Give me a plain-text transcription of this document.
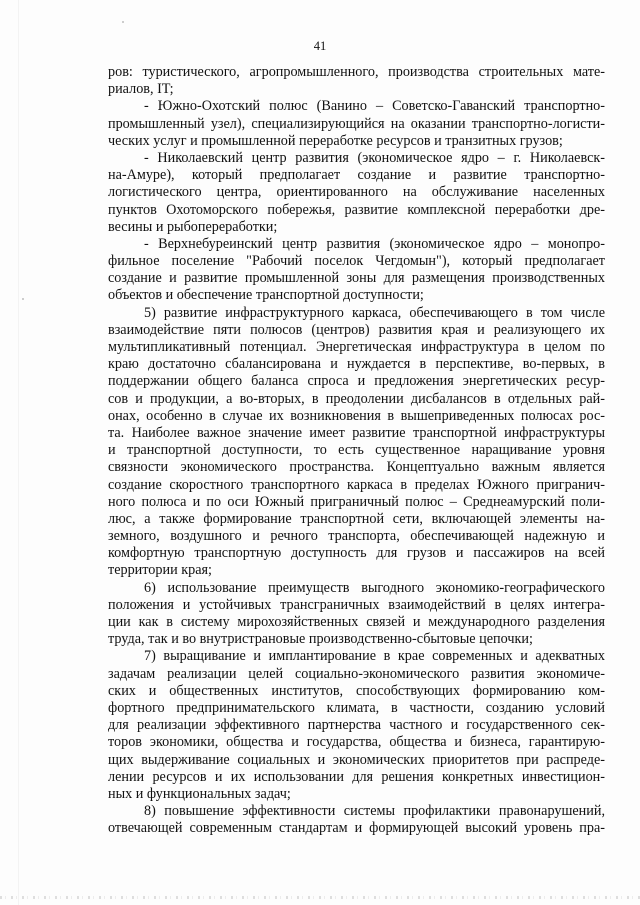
41
ров: туристического, агропромышленного, производства строительных мате-
риалов, IT;
- Южно-Охотский полюс (Ванино – Советско-Гаванский транспортно-
промышленный узел), специализирующийся на оказании транспортно-логисти-
ческих услуг и промышленной переработке ресурсов и транзитных грузов;
- Николаевский центр развития (экономическое ядро – г. Николаевск-
на-Амуре), который предполагает создание и развитие транспортно-
логистического центра, ориентированного на обслуживание населенных
пунктов Охотоморского побережья, развитие комплексной переработки дре-
весины и рыбопереработки;
- Верхнебуреинский центр развития (экономическое ядро – монопро-
фильное поселение "Рабочий поселок Чегдомын"), который предполагает
создание и развитие промышленной зоны для размещения производственных
объектов и обеспечение транспортной доступности;
5) развитие инфраструктурного каркаса, обеспечивающего в том числе
взаимодействие пяти полюсов (центров) развития края и реализующего их
мультипликативный потенциал. Энергетическая инфраструктура в целом по
краю достаточно сбалансирована и нуждается в перспективе, во-первых, в
поддержании общего баланса спроса и предложения энергетических ресур-
сов и продукции, а во-вторых, в преодолении дисбалансов в отдельных рай-
онах, особенно в случае их возникновения в вышеприведенных полюсах рос-
та. Наиболее важное значение имеет развитие транспортной инфраструктуры
и транспортной доступности, то есть существенное наращивание уровня
связности экономического пространства. Концептуально важным является
создание скоростного транспортного каркаса в пределах Южного пригранич-
ного полюса и по оси Южный приграничный полюс – Среднеамурский поли-
люс, а также формирование транспортной сети, включающей элементы на-
земного, воздушного и речного транспорта, обеспечивающей надежную и
комфортную транспортную доступность для грузов и пассажиров на всей
территории края;
6) использование преимуществ выгодного экономико-географического
положения и устойчивых трансграничных взаимодействий в целях интегра-
ции как в систему мирохозяйственных связей и международного разделения
труда, так и во внутристрановые производственно-сбытовые цепочки;
7) выращивание и имплантирование в крае современных и адекватных
задачам реализации целей социально-экономического развития экономиче-
ских и общественных институтов, способствующих формированию ком-
фортного предпринимательского климата, в частности, созданию условий
для реализации эффективного партнерства частного и государственного сек-
торов экономики, общества и государства, общества и бизнеса, гарантирую-
щих выдерживание социальных и экономических приоритетов при распреде-
лении ресурсов и их использовании для решения конкретных инвестицион-
ных и функциональных задач;
8) повышение эффективности системы профилактики правонарушений,
отвечающей современным стандартам и формирующей высокий уровень пра-
